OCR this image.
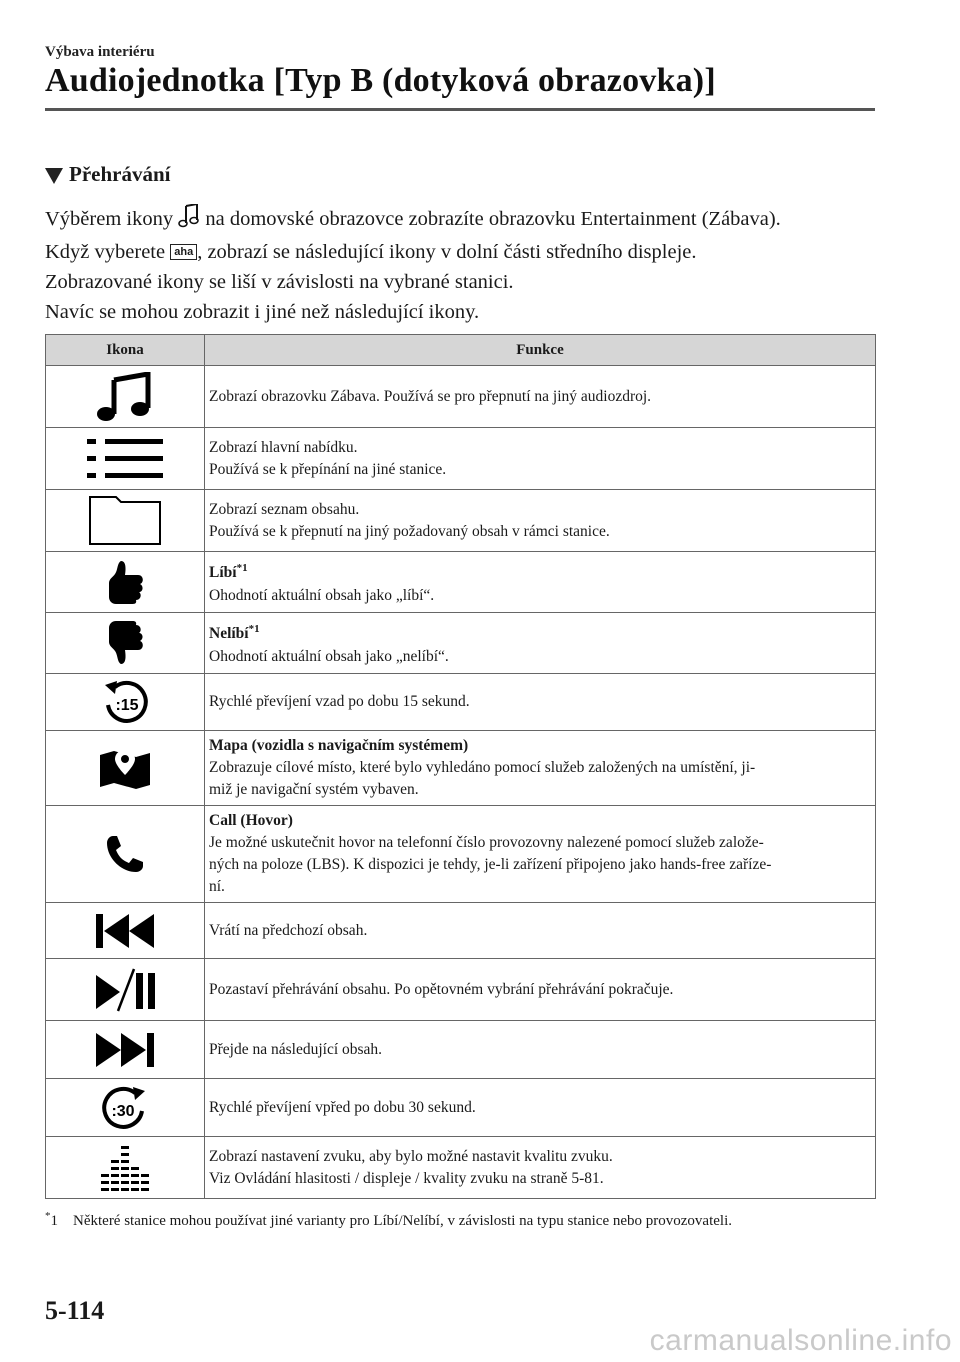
Výbava interiéru
Audiojednotka [Typ B (dotyková obrazovka)]
Přehrávání

Výběrem ikony na domovské obrazovce zobrazíte obrazovku Entertainment (Zábava).

Když vyberete aha , zobrazí se následující ikony v dolní části středního displeje.

Zobrazované ikony se liší v závislosti na vybrané stanici.

Navíc se mohou zobrazit i jiné než následující ikony.

Ikona	Funkce

Zobrazí obrazovku Zábava. Používá se pro přepnutí na jiný audiozdroj.

Zobrazí hlavní nabídku.
Používá se k přepínání na jiné stanice.

Zobrazí seznam obsahu.
Používá se k přepnutí na jiný požadovaný obsah v rámci stanice.

Líbí$^{*1}$
Ohodnotí aktuální obsah jako „líbí“.

Nelíbí$^{*1}$
Ohodnotí aktuální obsah jako „nelíbí“.

:15	Rychlé převíjení vzad po dobu 15 sekund.

Mapa (vozidla s navigačním systémem)
Zobrazuje cílové místo, které bylo vyhledáno pomocí služeb založených na umístění, ji-
miž je navigační systém vybaven.

Call (Hovor)
Je možné uskutečnit hovor na telefonní číslo provozovny nalezené pomocí služeb založe-
ných na poloze (LBS). K dispozici je tehdy, je-li zařízení připojeno jako hands-free zaříze-
ní.

Vrátí na předchozí obsah.

Pozastaví přehrávání obsahu. Po opětovném vybrání přehrávání pokračuje.

Přejde na následující obsah.

:30	Rychlé převíjení vpřed po dobu 30 sekund.

Zobrazí nastavení zvuku, aby bylo možné nastavit kvalitu zvuku.
Viz Ovládání hlasitosti / displeje / kvality zvuku na straně 5-81.
*1 Některé stanice mohou používat jiné varianty pro Líbí/Nelíbí, v závislosti na typu stanice nebo provozovateli.
5-114
carmanualsonline.info
